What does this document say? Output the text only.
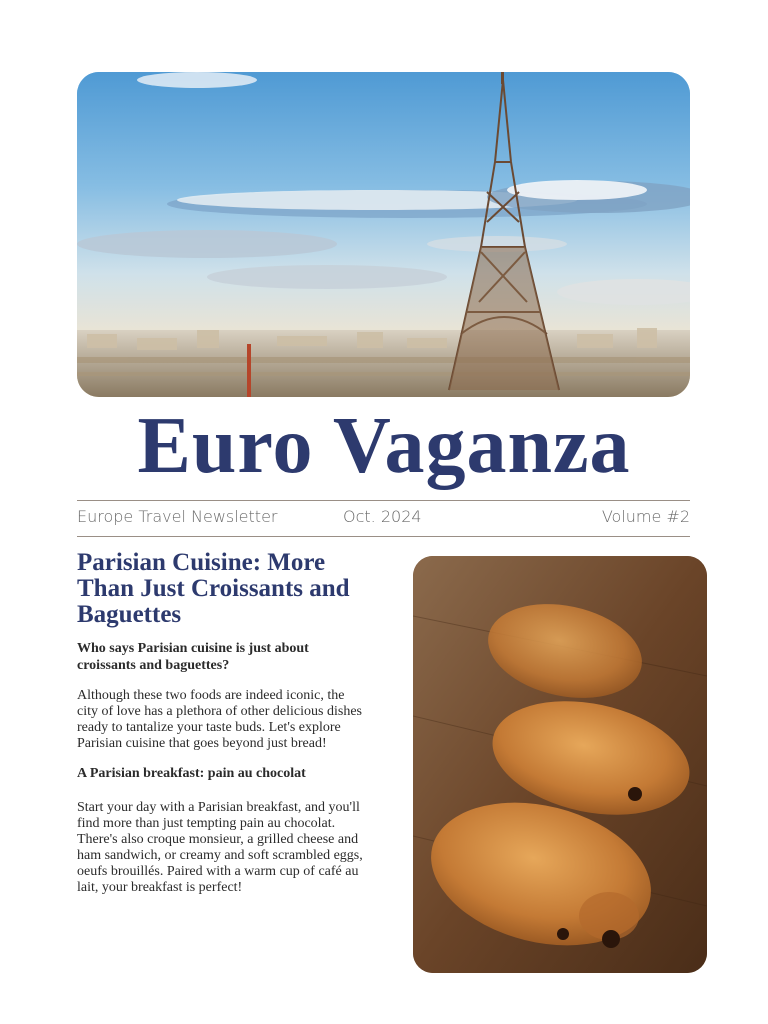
Euro Vaganza
Europe Travel Newsletter	Oct. 2024	Volume #2
Parisian Cuisine: More Than Just Croissants and Baguettes

Who says Parisian cuisine is just about croissants and baguettes?

Although these two foods are indeed iconic, the city of love has a plethora of other delicious dishes ready to tantalize your taste buds. Let's explore Parisian cuisine that goes beyond just bread!

A Parisian breakfast: pain au chocolat

Start your day with a Parisian breakfast, and you'll find more than just tempting pain au chocolat. There's also croque monsieur, a grilled cheese and ham sandwich, or creamy and soft scrambled eggs, oeufs brouillés. Paired with a warm cup of café au lait, your breakfast is perfect!
